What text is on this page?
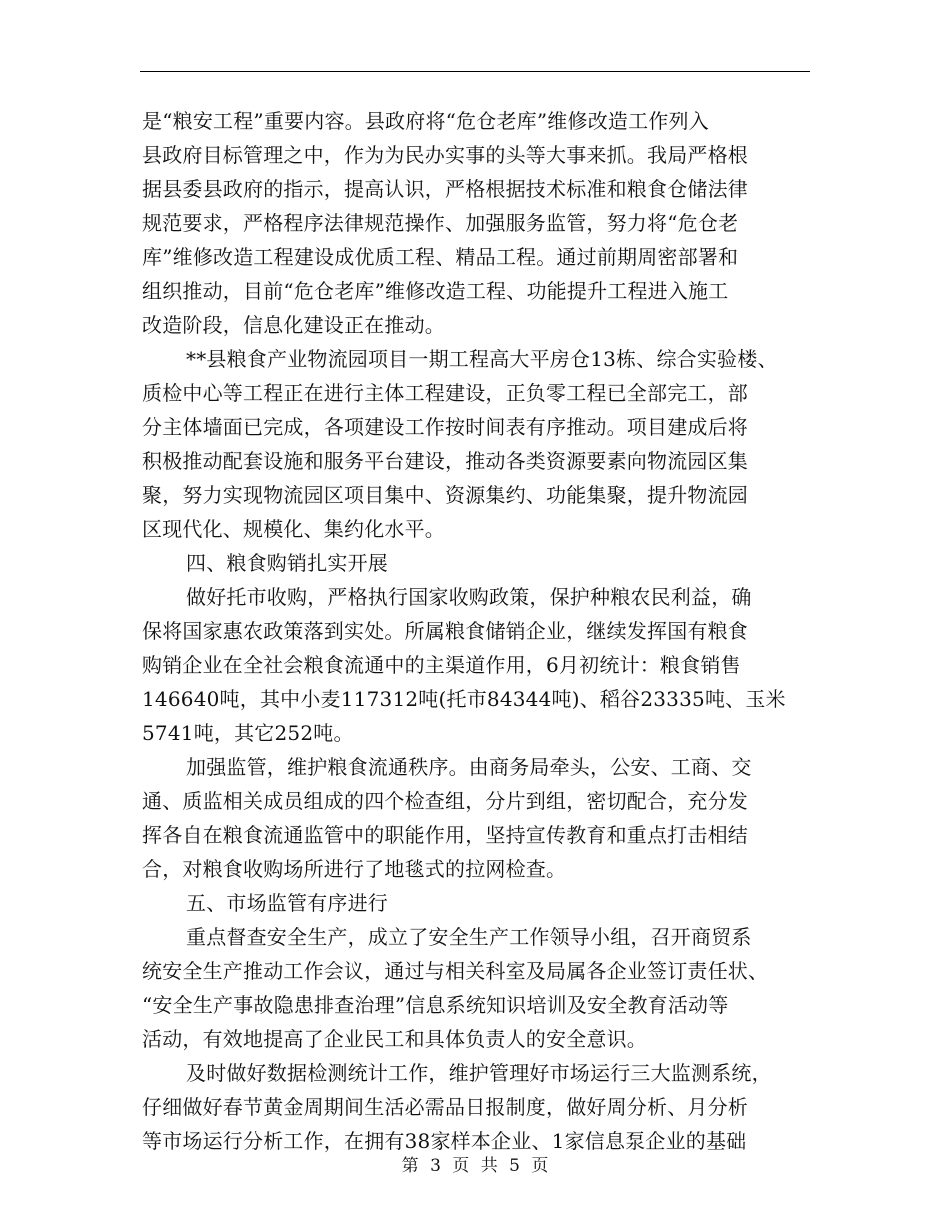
是“粮安工程”重要内容。县政府将“危仓老库”维修改造工作列入
县政府目标管理之中，作为为民办实事的头等大事来抓。我局严格根
据县委县政府的指示，提高认识，严格根据技术标准和粮食仓储法律
规范要求，严格程序法律规范操作、加强服务监管，努力将“危仓老
库”维修改造工程建设成优质工程、精品工程。通过前期周密部署和
组织推动，目前“危仓老库”维修改造工程、功能提升工程进入施工
改造阶段，信息化建设正在推动。
**县粮食产业物流园项目一期工程高大平房仓13栋、综合实验楼、
质检中心等工程正在进行主体工程建设，正负零工程已全部完工，部
分主体墙面已完成，各项建设工作按时间表有序推动。项目建成后将
积极推动配套设施和服务平台建设，推动各类资源要素向物流园区集
聚，努力实现物流园区项目集中、资源集约、功能集聚，提升物流园
区现代化、规模化、集约化水平。
四、粮食购销扎实开展
做好托市收购，严格执行国家收购政策，保护种粮农民利益，确
保将国家惠农政策落到实处。所属粮食储销企业，继续发挥国有粮食
购销企业在全社会粮食流通中的主渠道作用，6月初统计：粮食销售
146640吨，其中小麦117312吨(托市84344吨)、稻谷23335吨、玉米
5741吨，其它252吨。
加强监管，维护粮食流通秩序。由商务局牵头，公安、工商、交
通、质监相关成员组成的四个检查组，分片到组，密切配合，充分发
挥各自在粮食流通监管中的职能作用，坚持宣传教育和重点打击相结
合，对粮食收购场所进行了地毯式的拉网检查。
五、市场监管有序进行
重点督查安全生产，成立了安全生产工作领导小组，召开商贸系
统安全生产推动工作会议，通过与相关科室及局属各企业签订责任状、
“安全生产事故隐患排查治理”信息系统知识培训及安全教育活动等
活动，有效地提高了企业民工和具体负责人的安全意识。
及时做好数据检测统计工作，维护管理好市场运行三大监测系统，
仔细做好春节黄金周期间生活必需品日报制度，做好周分析、月分析
等市场运行分析工作，在拥有38家样本企业、1家信息泵企业的基础
第 3 页 共 5 页
